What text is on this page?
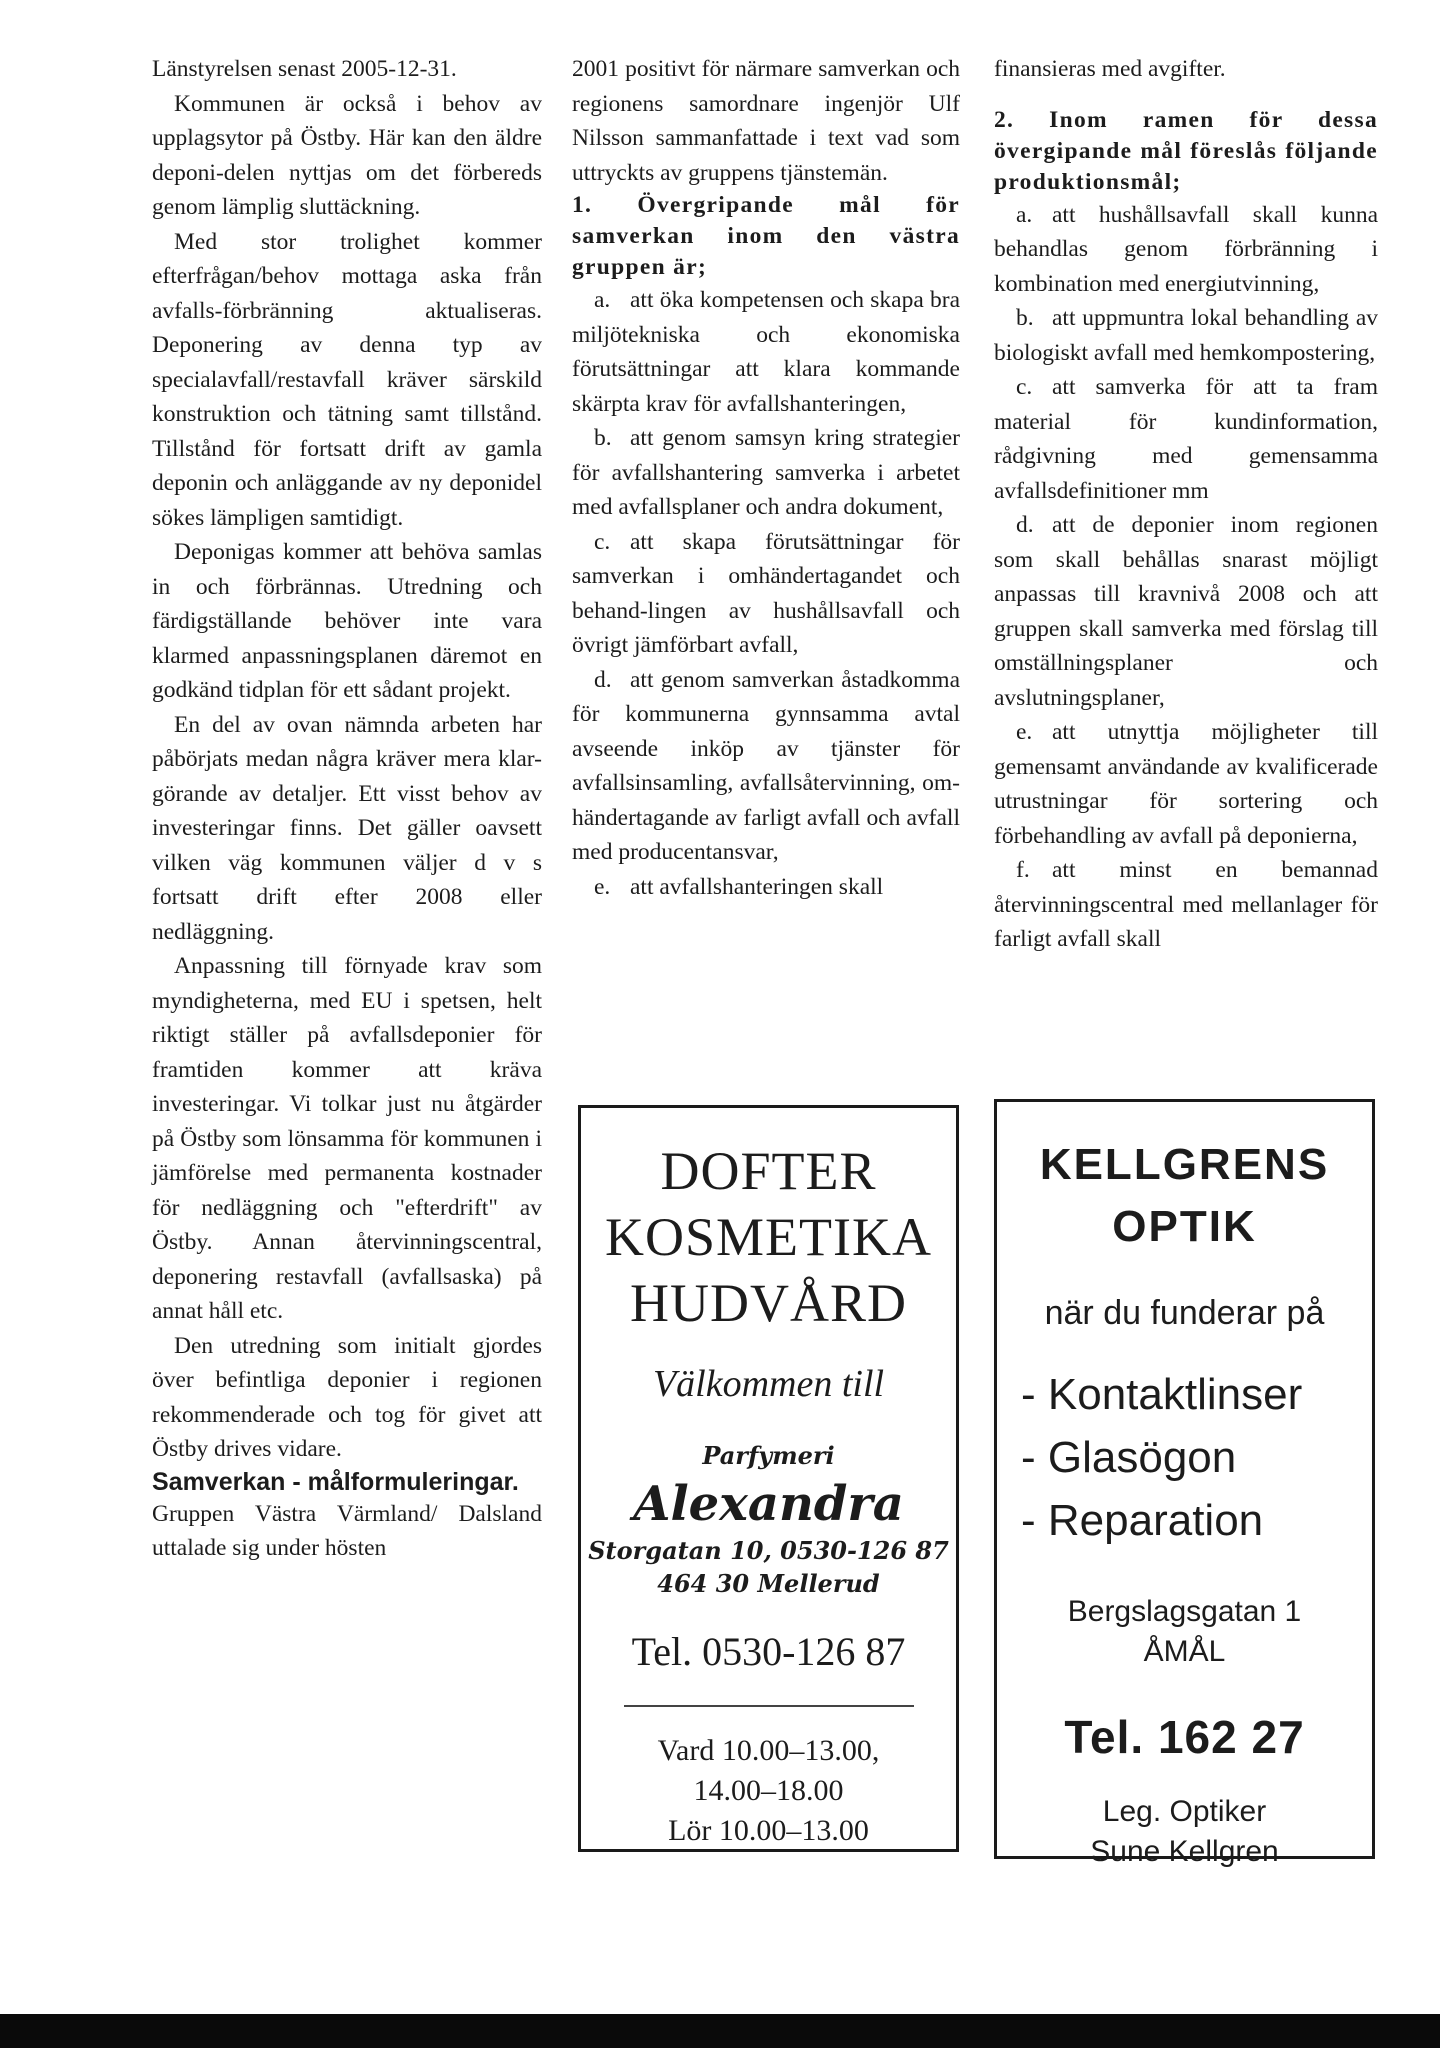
Länstyrelsen senast 2005-12-31.

Kommunen är också i behov av upplagsytor på Östby. Här kan den äldre deponi-delen nyttjas om det förbereds genom lämplig sluttäckning.

Med stor trolighet kommer efterfrågan/behov mottaga aska från avfalls-förbränning aktualiseras. Deponering av denna typ av specialavfall/restavfall kräver särskild konstruktion och tätning samt tillstånd. Tillstånd för fortsatt drift av gamla deponin och anläggande av ny deponidel sökes lämpligen samtidigt.

Deponigas kommer att behöva samlas in och förbrännas. Utredning och färdigställande behöver inte vara klarmed anpassningsplanen däremot en godkänd tidplan för ett sådant projekt.

En del av ovan nämnda arbeten har påbörjats medan några kräver mera klar-görande av detaljer. Ett visst behov av investeringar finns. Det gäller oavsett vilken väg kommunen väljer d v s fortsatt drift efter 2008 eller nedläggning.

Anpassning till förnyade krav som myndigheterna, med EU i spetsen, helt riktigt ställer på avfallsdeponier för framtiden kommer att kräva investeringar. Vi tolkar just nu åtgärder på Östby som lönsamma för kommunen i jämförelse med permanenta kostnader för nedläggning och "efterdrift" av Östby. Annan återvinningscentral, deponering restavfall (avfallsaska) på annat håll etc.

Den utredning som initialt gjordes över befintliga deponier i regionen rekommenderade och tog för givet att Östby drives vidare.

Samverkan - målformuleringar.

Gruppen Västra Värmland/ Dalsland uttalade sig under hösten

2001 positivt för närmare samverkan och regionens samordnare ingenjör Ulf Nilsson sammanfattade i text vad som uttryckts av gruppens tjänstemän.

1. Övergripande mål för samverkan inom den västra gruppen är;

a. att öka kompetensen och skapa bra miljötekniska och ekonomiska förutsättningar att klara kommande skärpta krav för avfallshanteringen,

b. att genom samsyn kring strategier för avfallshantering samverka i arbetet med avfallsplaner och andra dokument,

c. att skapa förutsättningar för samverkan i omhändertagandet och behand-lingen av hushållsavfall och övrigt jämförbart avfall,

d. att genom samverkan åstadkomma för kommunerna gynnsamma avtal avseende inköp av tjänster för avfallsinsamling, avfallsåtervinning, om-händertagande av farligt avfall och avfall med producentansvar,

e. att avfallshanteringen skall

finansieras med avgifter.

2. Inom ramen för dessa övergipande mål föreslås följande produktionsmål;

a. att hushållsavfall skall kunna behandlas genom förbränning i kombination med energiutvinning,

b. att uppmuntra lokal behandling av biologiskt avfall med hemkompostering,

c. att samverka för att ta fram material för kundinformation, rådgivning med gemensamma avfallsdefinitioner mm

d. att de deponier inom regionen som skall behållas snarast möjligt anpassas till kravnivå 2008 och att gruppen skall samverka med förslag till omställningsplaner och avslutningsplaner,

e. att utnyttja möjligheter till gemensamt användande av kvalificerade utrustningar för sortering och förbehandling av avfall på deponierna,

f. att minst en bemannad återvinningscentral med mellanlager för farligt avfall skall

DOFTER

KOSMETIKA

HUDVÅRD

Välkommen till

Parfymeri Alexandra

Storgatan 10, 0530-126 87

464 30 Mellerud

Tel. 0530-126 87

Vard 10.00–13.00,
14.00–18.00
Lör 10.00–13.00
KELLGRENS
OPTIK
när du funderar på
- Kontaktlinser
- Glasögon
- Reparation
Bergslagsgatan 1
ÅMÅL
Tel. 162 27
Leg. Optiker
Sune Kellgren
